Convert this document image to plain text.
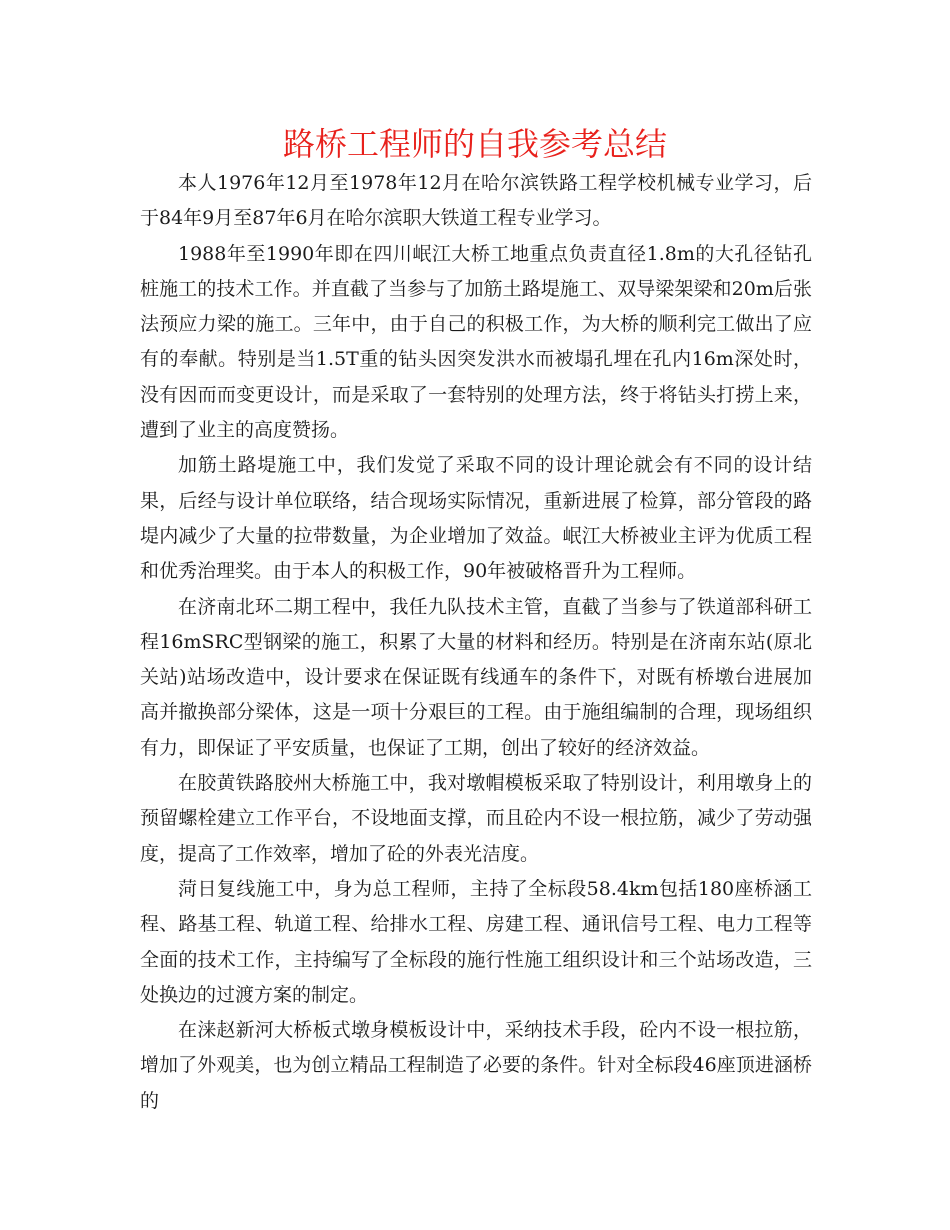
路桥工程师的自我参考总结

本人1976年12月至1978年12月在哈尔滨铁路工程学校机械专业学习，后于84年9月至87年6月在哈尔滨职大铁道工程专业学习。

1988年至1990年即在四川岷江大桥工地重点负责直径1.8m的大孔径钻孔桩施工的技术工作。并直截了当参与了加筋土路堤施工、双导梁架梁和20m后张法预应力梁的施工。三年中，由于自己的积极工作，为大桥的顺利完工做出了应有的奉献。特别是当1.5T重的钻头因突发洪水而被塌孔埋在孔内16m深处时，没有因而而变更设计，而是采取了一套特别的处理方法，终于将钻头打捞上来，遭到了业主的高度赞扬。

加筋土路堤施工中，我们发觉了采取不同的设计理论就会有不同的设计结果，后经与设计单位联络，结合现场实际情况，重新进展了检算，部分管段的路堤内减少了大量的拉带数量，为企业增加了效益。岷江大桥被业主评为优质工程和优秀治理奖。由于本人的积极工作，90年被破格晋升为工程师。

在济南北环二期工程中，我任九队技术主管，直截了当参与了铁道部科研工程16mSRC型钢梁的施工，积累了大量的材料和经历。特别是在济南东站(原北关站)站场改造中，设计要求在保证既有线通车的条件下，对既有桥墩台进展加高并撤换部分梁体，这是一项十分艰巨的工程。由于施组编制的合理，现场组织有力，即保证了平安质量，也保证了工期，创出了较好的经济效益。

在胶黄铁路胶州大桥施工中，我对墩帽模板采取了特别设计，利用墩身上的预留螺栓建立工作平台，不设地面支撑，而且砼内不设一根拉筋，减少了劳动强度，提高了工作效率，增加了砼的外表光洁度。

菏日复线施工中，身为总工程师，主持了全标段58.4km包括180座桥涵工程、路基工程、轨道工程、给排水工程、房建工程、通讯信号工程、电力工程等全面的技术工作，主持编写了全标段的施行性施工组织设计和三个站场改造，三处换边的过渡方案的制定。

在涞赵新河大桥板式墩身模板设计中，采纳技术手段，砼内不设一根拉筋，增加了外观美，也为创立精品工程制造了必要的条件。针对全标段46座顶进涵桥的
